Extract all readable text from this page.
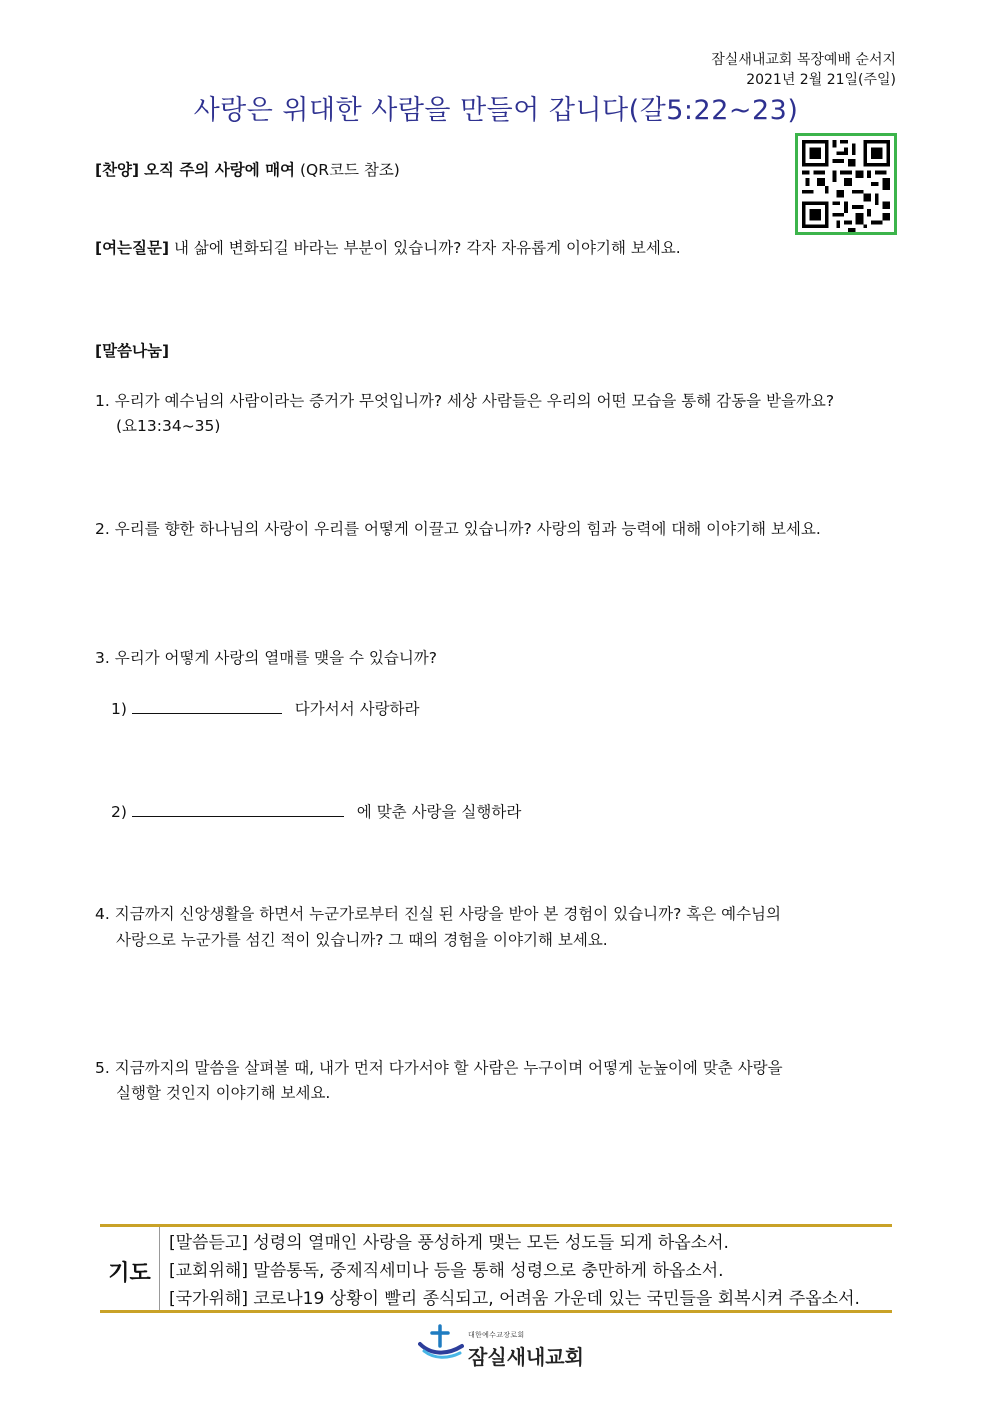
잠실새내교회 목장예배 순서지
2021년 2월 21일(주일)
사랑은 위대한 사람을 만들어 갑니다(갈5:22~23)
[찬양] 오직 주의 사랑에 매여 (QR코드 참조)
[여는질문] 내 삶에 변화되길 바라는 부분이 있습니까? 각자 자유롭게 이야기해 보세요.
[말씀나눔]
1. 우리가 예수님의 사람이라는 증거가 무엇입니까? 세상 사람들은 우리의 어떤 모습을 통해 감동을 받을까요?
(요13:34~35)
2. 우리를 향한 하나님의 사랑이 우리를 어떻게 이끌고 있습니까? 사랑의 힘과 능력에 대해 이야기해 보세요.
3. 우리가 어떻게 사랑의 열매를 맺을 수 있습니까?
1)	다가서서 사랑하라
2)	에 맞춘 사랑을 실행하라
4. 지금까지 신앙생활을 하면서 누군가로부터 진실 된 사랑을 받아 본 경험이 있습니까? 혹은 예수님의
사랑으로 누군가를 섬긴 적이 있습니까? 그 때의 경험을 이야기해 보세요.
5. 지금까지의 말씀을 살펴볼 때, 내가 먼저 다가서야 할 사람은 누구이며 어떻게 눈높이에 맞춘 사랑을
실행할 것인지 이야기해 보세요.
기도
[말씀듣고] 성령의 열매인 사랑을 풍성하게 맺는 모든 성도들 되게 하옵소서.
[교회위해] 말씀통독, 중제직세미나 등을 통해 성령으로 충만하게 하옵소서.
[국가위해] 코로나19 상황이 빨리 종식되고, 어려움 가운데 있는 국민들을 회복시켜 주옵소서.
대한예수교장로회
잠실새내교회
